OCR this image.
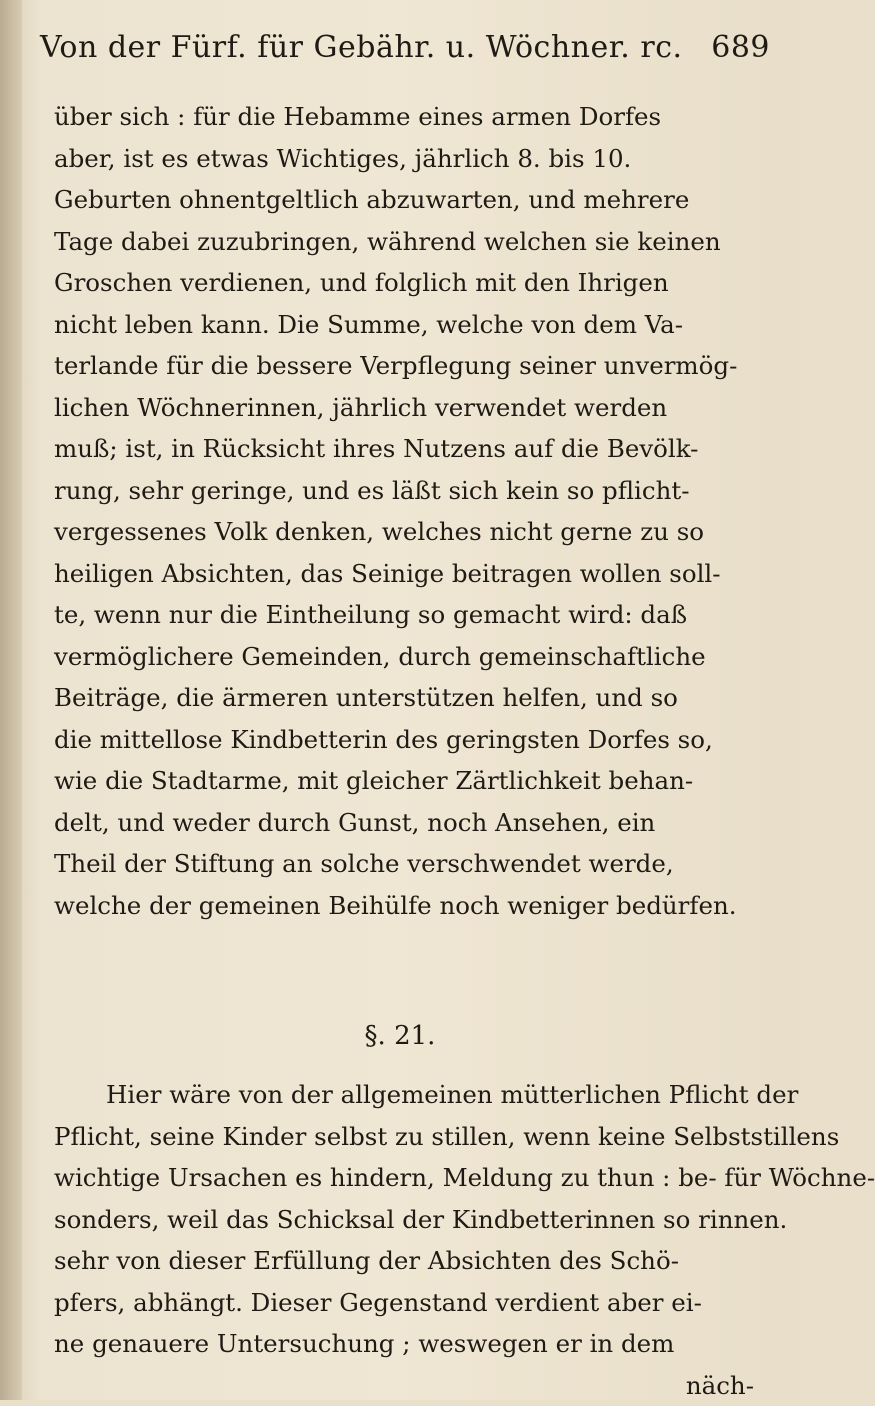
Von der Fürf. für Gebähr. u. Wöchner. rc. 689
über sich : für die Hebamme eines armen Dorfes
aber, ist es etwas Wichtiges, jährlich 8. bis 10.
Geburten ohnentgeltlich abzuwarten, und mehrere
Tage dabei zuzubringen, während welchen sie keinen
Groschen verdienen, und folglich mit den Ihrigen
nicht leben kann. Die Summe, welche von dem Va-
terlande für die bessere Verpflegung seiner unvermög-
lichen Wöchnerinnen, jährlich verwendet werden
muß; ist, in Rücksicht ihres Nutzens auf die Bevölk-
rung, sehr geringe, und es läßt sich kein so pflicht-
vergessenes Volk denken, welches nicht gerne zu so
heiligen Absichten, das Seinige beitragen wollen soll-
te, wenn nur die Eintheilung so gemacht wird: daß
vermöglichere Gemeinden, durch gemeinschaftliche
Beiträge, die ärmeren unterstützen helfen, und so
die mittellose Kindbetterin des geringsten Dorfes so,
wie die Stadtarme, mit gleicher Zärtlichkeit behan-
delt, und weder durch Gunst, noch Ansehen, ein
Theil der Stiftung an solche verschwendet werde,
welche der gemeinen Beihülfe noch weniger bedürfen.
§. 21.
Hier wäre von der allgemeinen mütterlichen Pflicht der
Pflicht, seine Kinder selbst zu stillen, wenn keine Selbststillens
wichtige Ursachen es hindern, Meldung zu thun : be- für Wöchne-
sonders, weil das Schicksal der Kindbetterinnen so rinnen.
sehr von dieser Erfüllung der Absichten des Schö-
pfers, abhängt. Dieser Gegenstand verdient aber ei-
ne genauere Untersuchung ; weswegen er in dem
näch-
